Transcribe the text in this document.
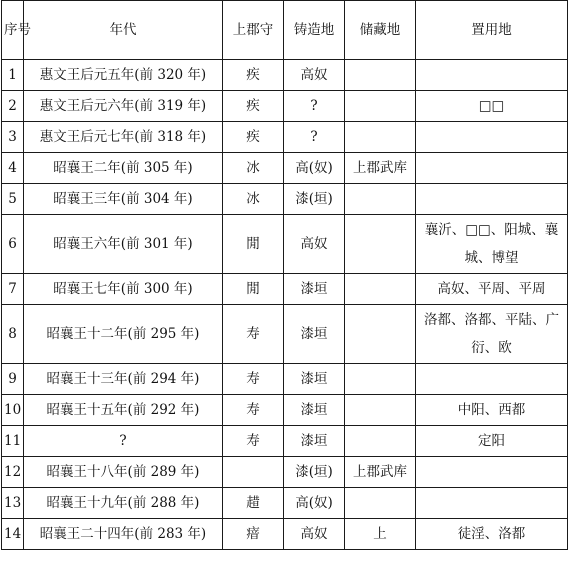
序号	年代	上郡守	铸造地	储藏地	置用地
1	惠文王后元五年(前 320 年)	疾	高奴		
2	惠文王后元六年(前 319 年)	疾	?		□□
3	惠文王后元七年(前 318 年)	疾	?		
4	昭襄王二年(前 305 年)	冰	高(奴)	上郡武库	
5	昭襄王三年(前 304 年)	冰	漆(垣)		
6	昭襄王六年(前 301 年)	閒	高奴		襄沂、□□、阳城、襄城、博望
7	昭襄王七年(前 300 年)	閒	漆垣		高奴、平周、平周
8	昭襄王十二年(前 295 年)	寿	漆垣		洛都、洛都、平陆、广衍、欧
9	昭襄王十三年(前 294 年)	寿	漆垣		
10	昭襄王十五年(前 292 年)	寿	漆垣		中阳、西都
11	?	寿	漆垣		定阳
12	昭襄王十八年(前 289 年)		漆(垣)	上郡武库	
13	昭襄王十九年(前 288 年)	趞	高(奴)		
14	昭襄王二十四年(前 283 年)	瘖	高奴	上	徒淫、洛都
